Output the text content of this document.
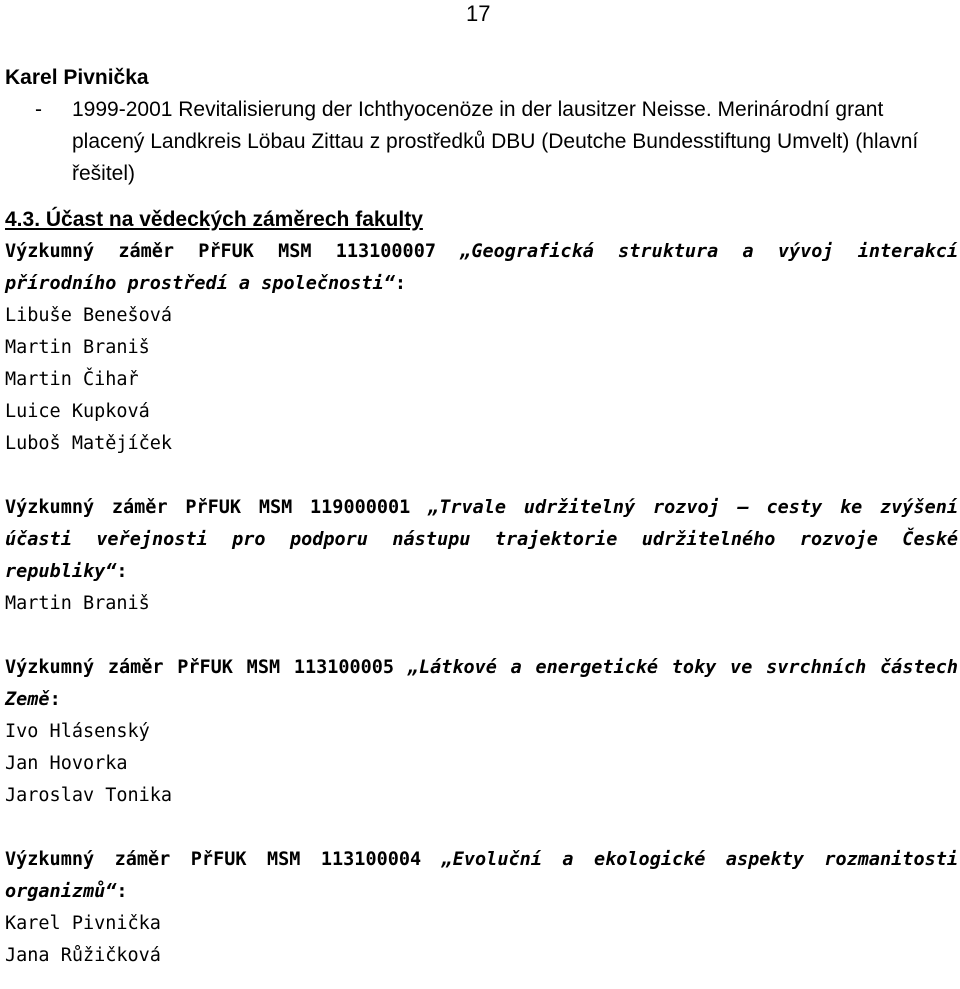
17
Karel Pivnička
-	1999-2001 Revitalisierung der Ichthyocenöze in der lausitzer Neisse. Merinárodní grant placený Landkreis Löbau Zittau z prostředků DBU (Deutche Bundesstiftung Umvelt) (hlavní řešitel)
4.3. Účast na vědeckých záměrech fakulty
Výzkumný záměr PřFUK MSM 113100007 „Geografická struktura a vývoj interakcí přírodního prostředí a společnosti“:
Libuše Benešová
Martin Braniš
Martin Čihař
Luice Kupková
Luboš Matějíček
Výzkumný záměr PřFUK MSM 119000001 „Trvale udržitelný rozvoj – cesty ke zvýšení účasti veřejnosti pro podporu nástupu trajektorie udržitelného rozvoje České republiky“:
Martin Braniš
Výzkumný záměr PřFUK MSM 113100005 „Látkové a energetické toky ve svrchních částech Země:
Ivo Hlásenský
Jan Hovorka
Jaroslav Tonika
Výzkumný záměr PřFUK MSM 113100004 „Evoluční a ekologické aspekty rozmanitosti organizmů“:
Karel Pivnička
Jana Růžičková
